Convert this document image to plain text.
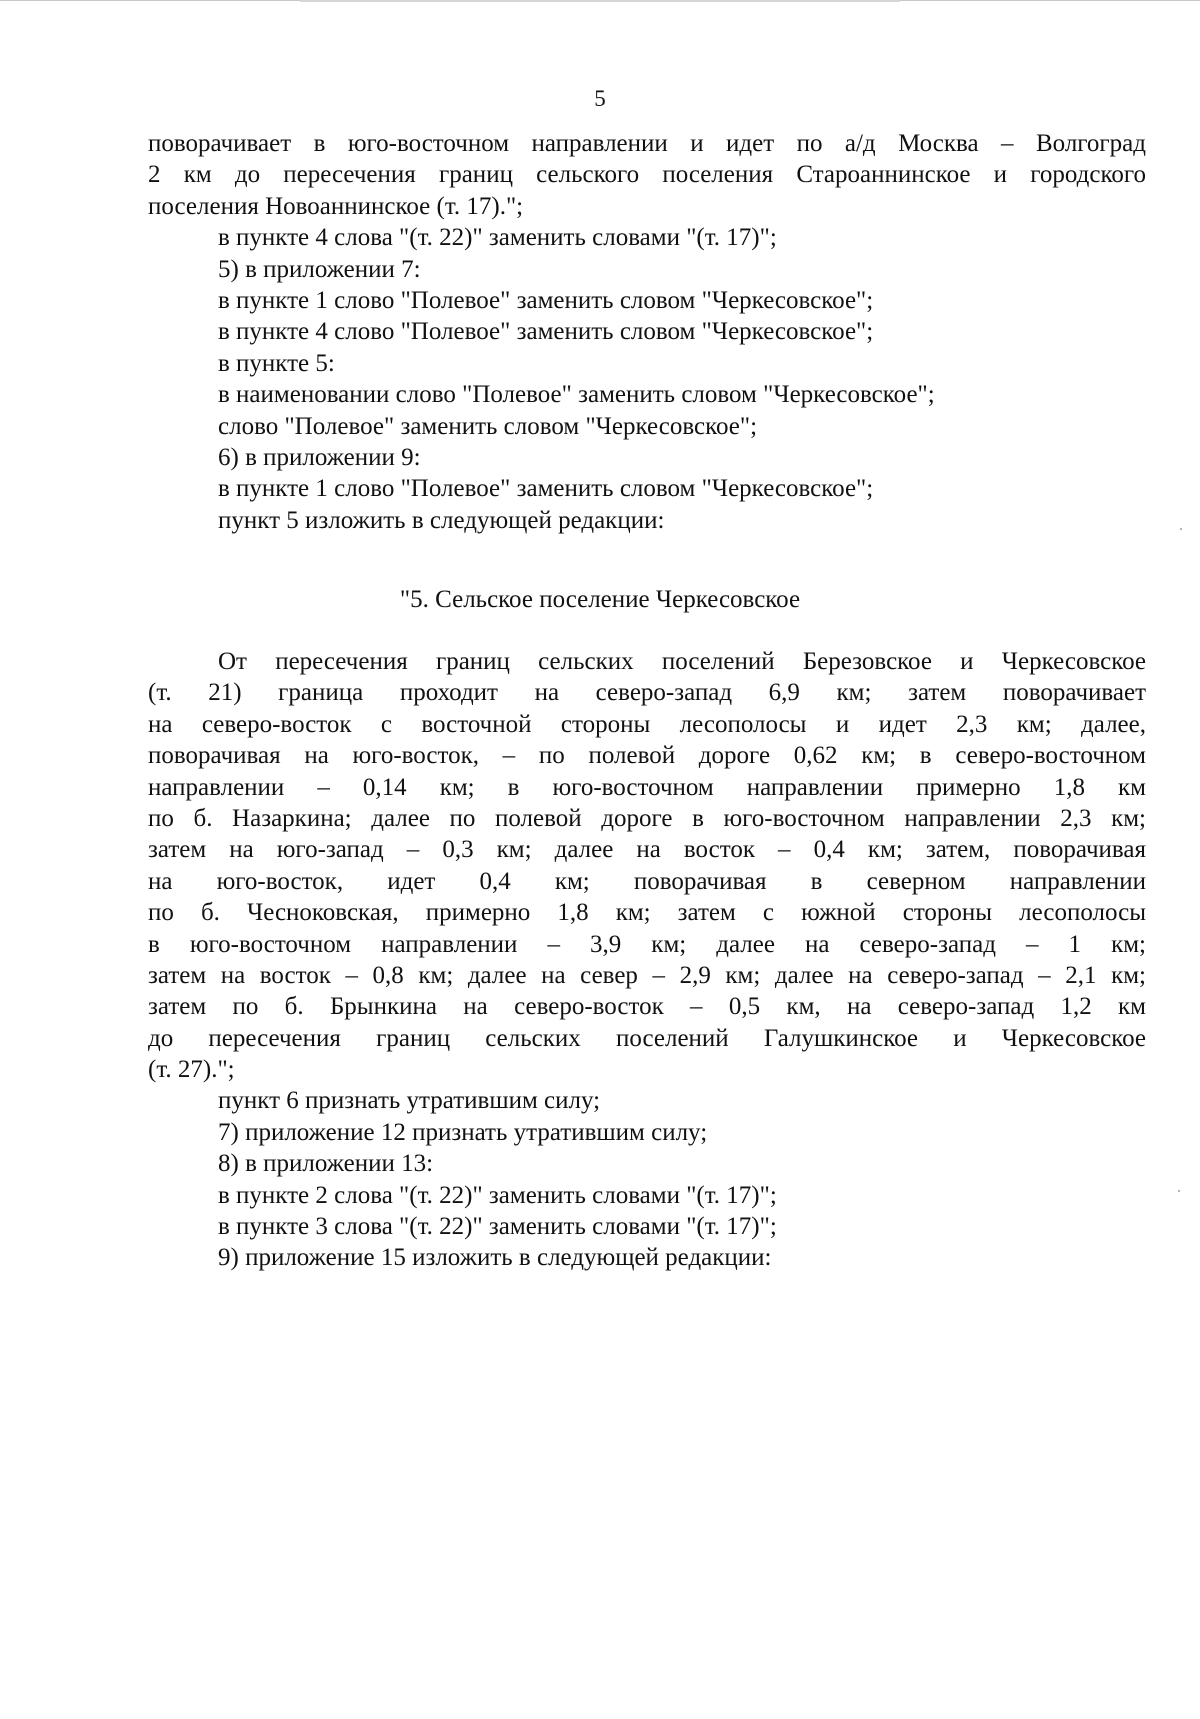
5
поворачивает в юго-восточном направлении и идет по а/д Москва – Волгоград
2 км до пересечения границ сельского поселения Староаннинское и городского
поселения Новоаннинское (т. 17).";
в пункте 4 слова "(т. 22)" заменить словами "(т. 17)";
5) в приложении 7:
в пункте 1 слово "Полевое" заменить словом "Черкесовское";
в пункте 4 слово "Полевое" заменить словом "Черкесовское";
в пункте 5:
в наименовании слово "Полевое" заменить словом "Черкесовское";
слово "Полевое" заменить словом "Черкесовское";
6) в приложении 9:
в пункте 1 слово "Полевое" заменить словом "Черкесовское";
пункт 5 изложить в следующей редакции:
"5. Сельское поселение Черкесовское
От пересечения границ сельских поселений Березовское и Черкесовское
(т. 21) граница проходит на северо-запад 6,9 км; затем поворачивает
на северо-восток с восточной стороны лесополосы и идет 2,3 км; далее,
поворачивая на юго-восток, – по полевой дороге 0,62 км; в северо-восточном
направлении – 0,14 км; в юго-восточном направлении примерно 1,8 км
по б. Назаркина; далее по полевой дороге в юго-восточном направлении 2,3 км;
затем на юго-запад – 0,3 км; далее на восток – 0,4 км; затем, поворачивая
на юго-восток, идет 0,4 км; поворачивая в северном направлении
по б. Чесноковская, примерно 1,8 км; затем с южной стороны лесополосы
в юго-восточном направлении – 3,9 км; далее на северо-запад – 1 км;
затем на восток – 0,8 км; далее на север – 2,9 км; далее на северо-запад – 2,1 км;
затем по б. Брынкина на северо-восток – 0,5 км, на северо-запад 1,2 км
до пересечения границ сельских поселений Галушкинское и Черкесовское
(т. 27).";
пункт 6 признать утратившим силу;
7) приложение 12 признать утратившим силу;
8) в приложении 13:
в пункте 2 слова "(т. 22)" заменить словами "(т. 17)";
в пункте 3 слова "(т. 22)" заменить словами "(т. 17)";
9) приложение 15 изложить в следующей редакции:
